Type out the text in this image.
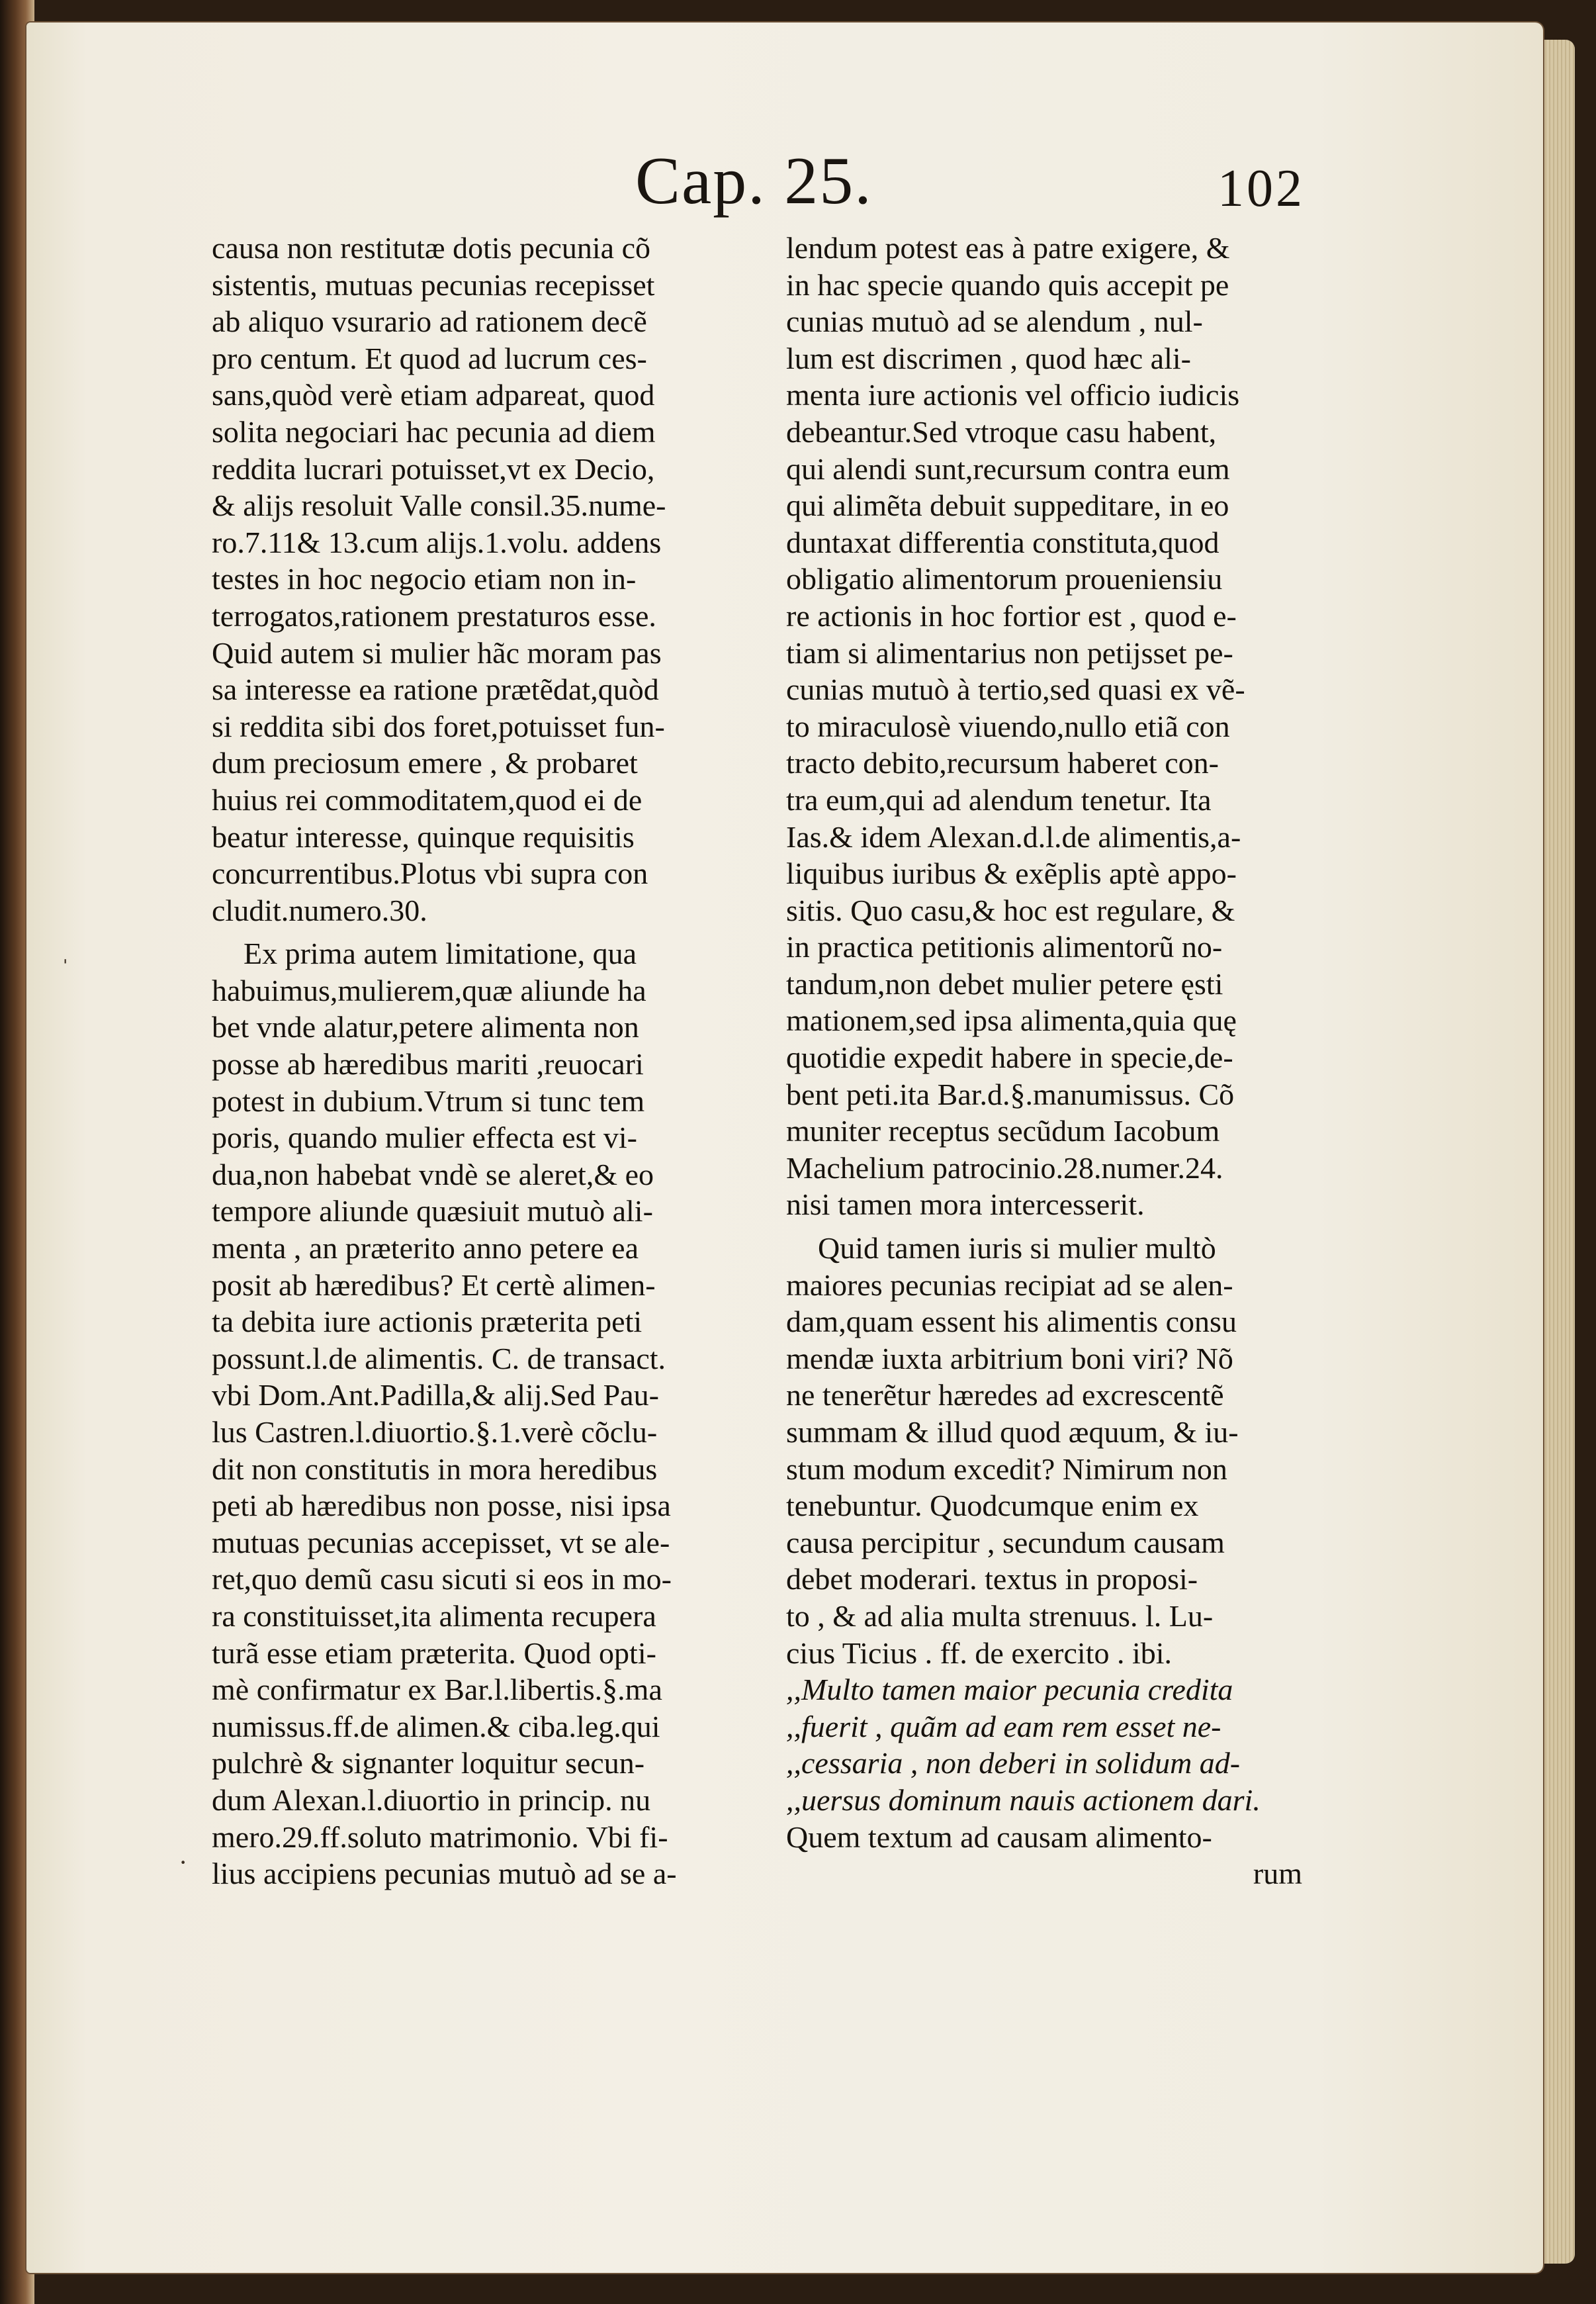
Cap. 25.	102
ˈ
·
causa non restitutæ dotis pecunia cõ
sistentis, mutuas pecunias recepisset
ab aliquo vsurario ad rationem decẽ
pro centum. Et quod ad lucrum ces-
sans,quòd verè etiam adpareat, quod
solita negociari hac pecunia ad diem
reddita lucrari potuisset,vt ex Decio,
& alijs resoluit Valle consil.35.nume-
ro.7.11& 13.cum alijs.1.volu. addens
testes in hoc negocio etiam non in-
terrogatos,rationem prestaturos esse.
Quid autem si mulier hãc moram pas
sa interesse ea ratione prætẽdat,quòd
si reddita sibi dos foret,potuisset fun-
dum preciosum emere , & probaret
huius rei commoditatem,quod ei de
beatur interesse, quinque requisitis
concurrentibus.Plotus vbi supra con
cludit.numero.30.
Ex prima autem limitatione, qua
habuimus,mulierem,quæ aliunde ha
bet vnde alatur,petere alimenta non
posse ab hæredibus mariti ,reuocari
potest in dubium.Vtrum si tunc tem
poris, quando mulier effecta est vi-
dua,non habebat vndè se aleret,& eo
tempore aliunde quæsiuit mutuò ali-
menta , an præterito anno petere ea
posit ab hæredibus? Et certè alimen-
ta debita iure actionis præterita peti
possunt.l.de alimentis. C. de transact.
vbi Dom.Ant.Padilla,& alij.Sed Pau-
lus Castren.l.diuortio.§.1.verè cõclu-
dit non constitutis in mora heredibus
peti ab hæredibus non posse, nisi ipsa
mutuas pecunias accepisset, vt se ale-
ret,quo demũ casu sicuti si eos in mo-
ra constituisset,ita alimenta recupera
turã esse etiam præterita. Quod opti-
mè confirmatur ex Bar.l.libertis.§.ma
numissus.ff.de alimen.& ciba.leg.qui
pulchrè & signanter loquitur secun-
dum Alexan.l.diuortio in princip. nu
mero.29.ff.soluto matrimonio. Vbi fi-
lius accipiens pecunias mutuò ad se a-
lendum potest eas à patre exigere, &
in hac specie quando quis accepit pe
cunias mutuò ad se alendum , nul-
lum est discrimen , quod hæc ali-
menta iure actionis vel officio iudicis
debeantur.Sed vtroque casu habent,
qui alendi sunt,recursum contra eum
qui alimẽta debuit suppeditare, in eo
duntaxat differentia constituta,quod
obligatio alimentorum proueniensiu
re actionis in hoc fortior est , quod e-
tiam si alimentarius non petijsset pe-
cunias mutuò à tertio,sed quasi ex vẽ-
to miraculosè viuendo,nullo etiã con
tracto debito,recursum haberet con-
tra eum,qui ad alendum tenetur. Ita
Ias.& idem Alexan.d.l.de alimentis,a-
liquibus iuribus & exẽplis aptè appo-
sitis. Quo casu,& hoc est regulare, &
in practica petitionis alimentorũ no-
tandum,non debet mulier petere ęsti
mationem,sed ipsa alimenta,quia quę
quotidie expedit habere in specie,de-
bent peti.ita Bar.d.§.manumissus. Cõ
muniter receptus secũdum Iacobum
Machelium patrocinio.28.numer.24.
nisi tamen mora intercesserit.
Quid tamen iuris si mulier multò
maiores pecunias recipiat ad se alen-
dam,quam essent his alimentis consu
mendæ iuxta arbitrium boni viri? Nõ
ne tenerẽtur hæredes ad excrescentẽ
summam & illud quod æquum, & iu-
stum modum excedit? Nimirum non
tenebuntur. Quodcumque enim ex
causa percipitur , secundum causam
debet moderari. textus in proposi-
to , & ad alia multa strenuus. l. Lu-
cius Ticius . ff. de exercito . ibi.
,,Multo tamen maior pecunia credita
,,fuerit , quãm ad eam rem esset ne-
,,cessaria , non deberi in solidum ad-
,,uersus dominum nauis actionem dari.
Quem textum ad causam alimento-
rum
